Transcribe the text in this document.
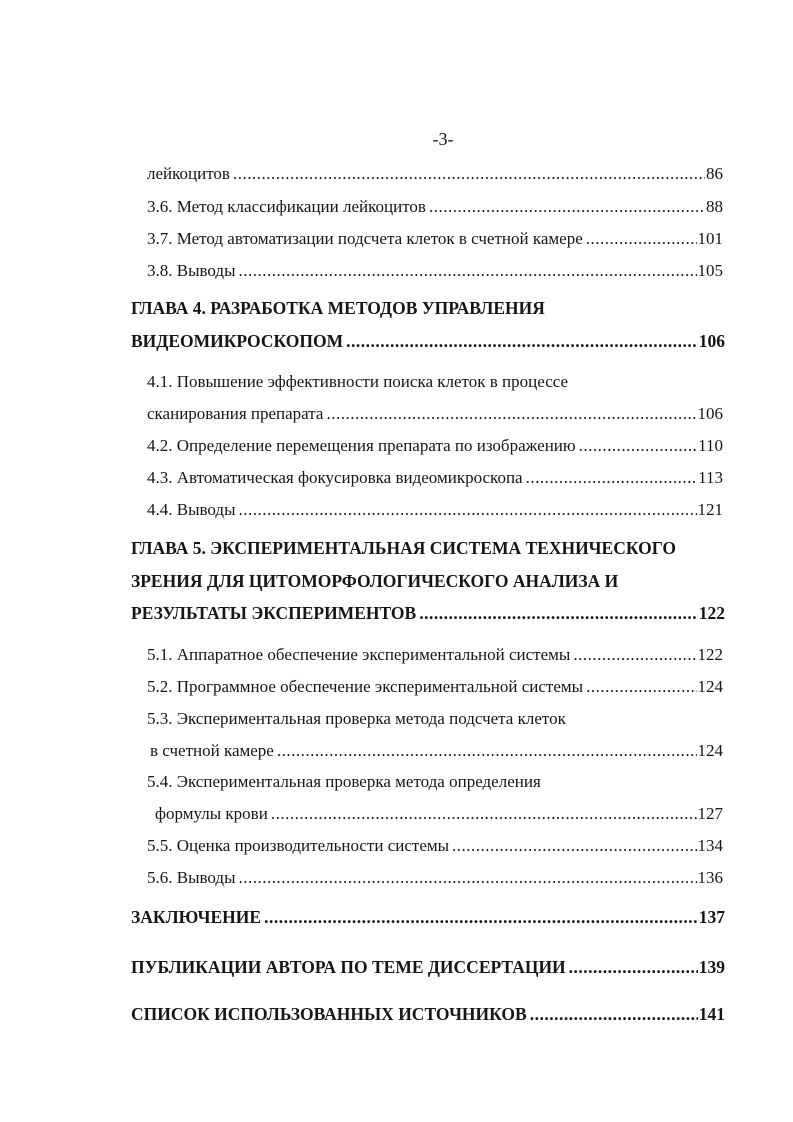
-3-
лейкоцитов .....	86
3.6. Метод классификации лейкоцитов .....	88
3.7. Метод автоматизации подсчета клеток в счетной камере .....	101
3.8. Выводы .....	105
ГЛАВА 4. РАЗРАБОТКА МЕТОДОВ УПРАВЛЕНИЯ
ВИДЕОМИКРОСКОПОМ .....	106
4.1. Повышение эффективности поиска клеток в процессе
сканирования препарата .....	106
4.2. Определение перемещения препарата по изображению .....	110
4.3. Автоматическая фокусировка видеомикроскопа .....	113
4.4. Выводы .....	121
ГЛАВА 5. ЭКСПЕРИМЕНТАЛЬНАЯ СИСТЕМА ТЕХНИЧЕСКОГО
ЗРЕНИЯ ДЛЯ ЦИТОМОРФОЛОГИЧЕСКОГО АНАЛИЗА И
РЕЗУЛЬТАТЫ ЭКСПЕРИМЕНТОВ .....	122
5.1. Аппаратное обеспечение экспериментальной системы .....	122
5.2. Программное обеспечение экспериментальной системы .....	124
5.3. Экспериментальная проверка метода подсчета клеток
в счетной камере .....	124
5.4. Экспериментальная проверка метода определения
формулы крови .....	127
5.5. Оценка производительности системы .....	134
5.6. Выводы .....	136
ЗАКЛЮЧЕНИЕ .....	137
ПУБЛИКАЦИИ АВТОРА ПО ТЕМЕ ДИССЕРТАЦИИ .....	139
СПИСОК ИСПОЛЬЗОВАННЫХ ИСТОЧНИКОВ .....	141
